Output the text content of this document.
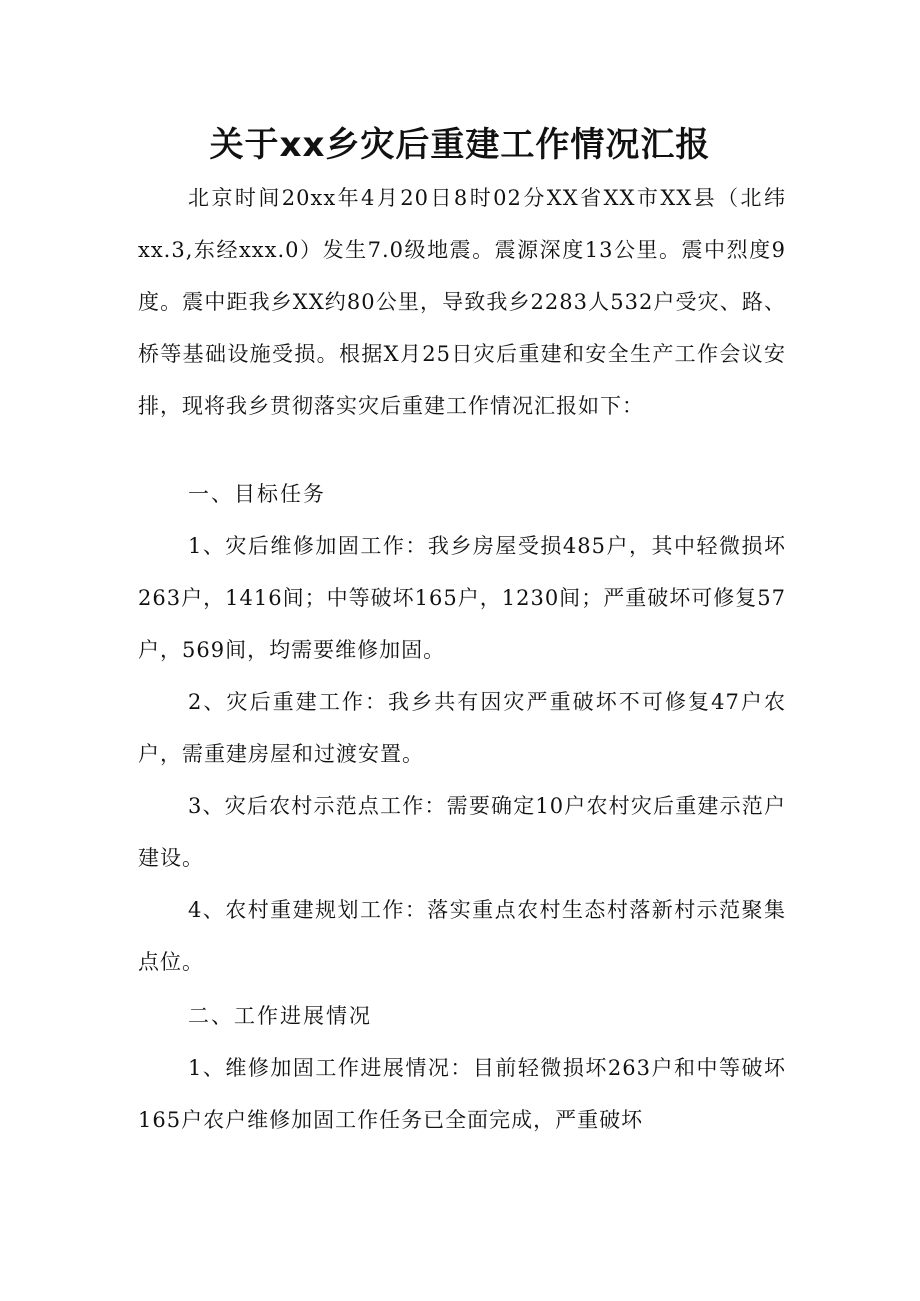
关于xx乡灾后重建工作情况汇报

北京时间20xx年4月20日8时02分XX省XX市XX县（北纬xx.3,东经xxx.0）发生7.0级地震。震源深度13公里。震中烈度9度。震中距我乡XX约80公里，导致我乡2283人532户受灾、路、桥等基础设施受损。根据X月25日灾后重建和安全生产工作会议安排，现将我乡贯彻落实灾后重建工作情况汇报如下：

一、目标任务

1、灾后维修加固工作：我乡房屋受损485户，其中轻微损坏263户，1416间；中等破坏165户，1230间；严重破坏可修复57户，569间，均需要维修加固。

2、灾后重建工作：我乡共有因灾严重破坏不可修复47户农户，需重建房屋和过渡安置。

3、灾后农村示范点工作：需要确定10户农村灾后重建示范户建设。

4、农村重建规划工作：落实重点农村生态村落新村示范聚集点位。

二、工作进展情况

1、维修加固工作进展情况：目前轻微损坏263户和中等破坏165户农户维修加固工作任务已全面完成，严重破坏
